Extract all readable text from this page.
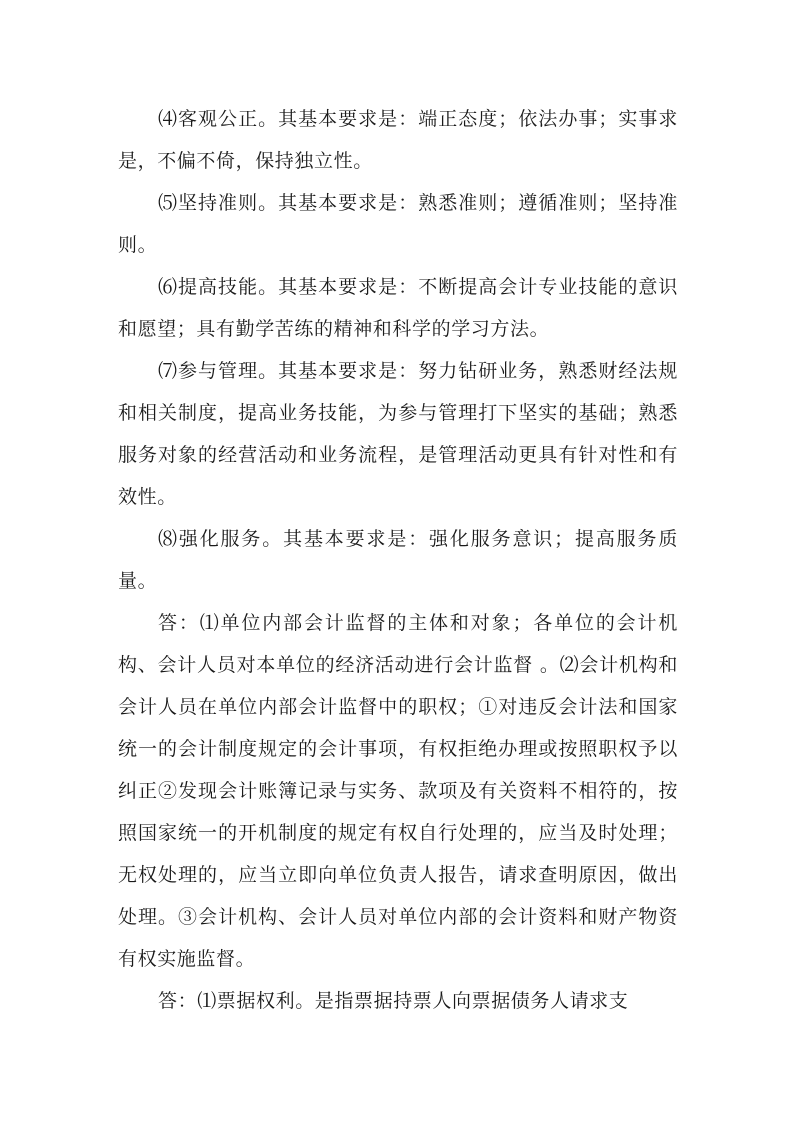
⑷客观公正。其基本要求是：端正态度；依法办事；实事求是，不偏不倚，保持独立性。

⑸坚持准则。其基本要求是：熟悉准则；遵循准则；坚持准则。

⑹提高技能。其基本要求是：不断提高会计专业技能的意识和愿望；具有勤学苦练的精神和科学的学习方法。

⑺参与管理。其基本要求是：努力钻研业务，熟悉财经法规和相关制度，提高业务技能，为参与管理打下坚实的基础；熟悉服务对象的经营活动和业务流程，是管理活动更具有针对性和有效性。

⑻强化服务。其基本要求是：强化服务意识；提高服务质量。

答：⑴单位内部会计监督的主体和对象；各单位的会计机构、会计人员对本单位的经济活动进行会计监督 。⑵会计机构和会计人员在单位内部会计监督中的职权；①对违反会计法和国家统一的会计制度规定的会计事项，有权拒绝办理或按照职权予以纠正②发现会计账簿记录与实务、款项及有关资料不相符的，按照国家统一的开机制度的规定有权自行处理的，应当及时处理；无权处理的，应当立即向单位负责人报告，请求查明原因，做出处理。③会计机构、会计人员对单位内部的会计资料和财产物资有权实施监督。

答：⑴票据权利。是指票据持票人向票据债务人请求支
